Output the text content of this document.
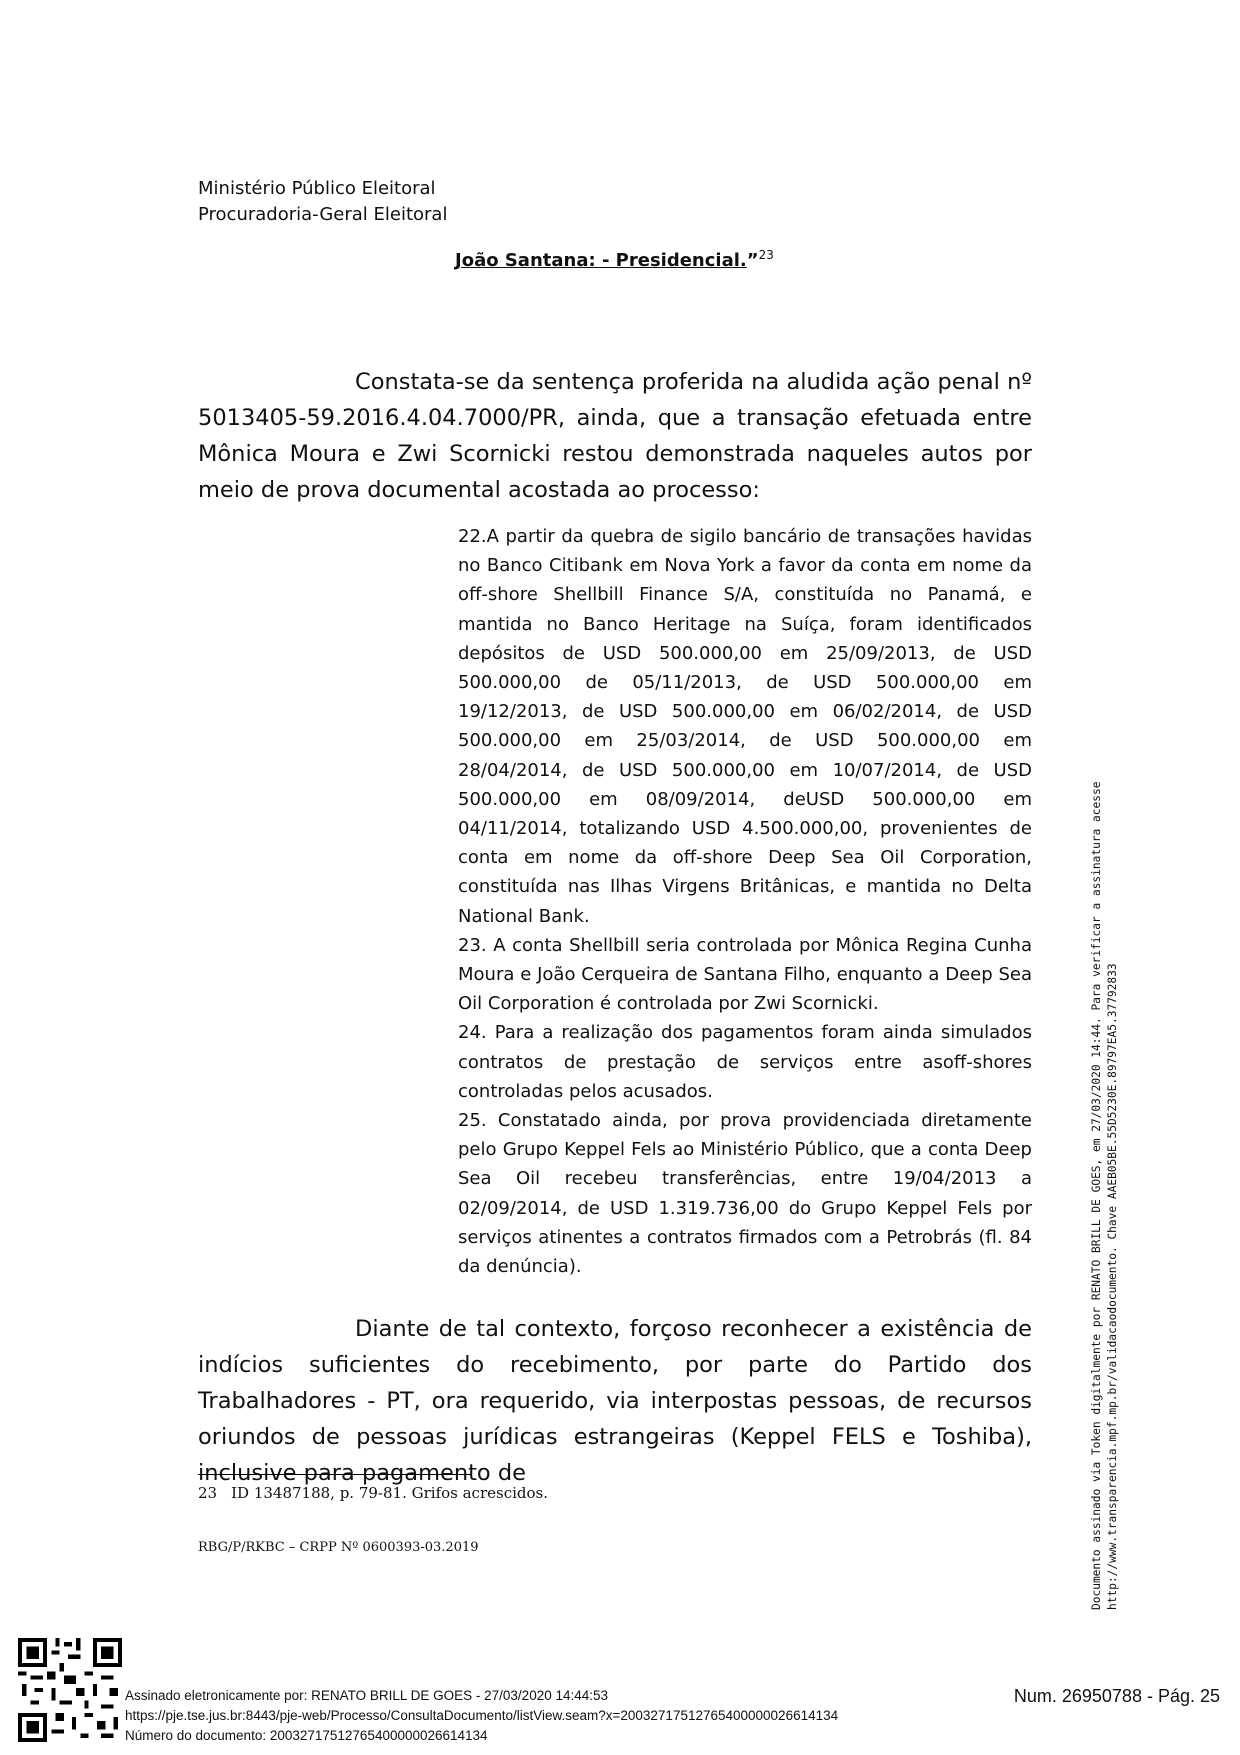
Ministério Público Eleitoral
Procuradoria-Geral Eleitoral
João Santana: - Presidencial.”$^{23}$

Constata-se da sentença proferida na aludida ação penal nº 5013405-59.2016.4.04.7000/PR, ainda, que a transação efetuada entre Mônica Moura e Zwi Scornicki restou demonstrada naqueles autos por meio de prova documental acostada ao processo:

22.A partir da quebra de sigilo bancário de transações havidas no Banco Citibank em Nova York a favor da conta em nome da off-shore Shellbill Finance S/A, constituída no Panamá, e mantida no Banco Heritage na Suíça, foram identificados depósitos de USD 500.000,00 em 25/09/2013, de USD 500.000,00 de 05/11/2013, de USD 500.000,00 em 19/12/2013, de USD 500.000,00 em 06/02/2014, de USD 500.000,00 em 25/03/2014, de USD 500.000,00 em 28/04/2014, de USD 500.000,00 em 10/07/2014, de USD 500.000,00 em 08/09/2014, deUSD 500.000,00 em 04/11/2014, totalizando USD 4.500.000,00, provenientes de conta em nome da off-shore Deep Sea Oil Corporation, constituída nas Ilhas Virgens Britânicas, e mantida no Delta National Bank.

23. A conta Shellbill seria controlada por Mônica Regina Cunha Moura e João Cerqueira de Santana Filho, enquanto a Deep Sea Oil Corporation é controlada por Zwi Scornicki.

24. Para a realização dos pagamentos foram ainda simulados contratos de prestação de serviços entre asoff-shores controladas pelos acusados.

25. Constatado ainda, por prova providenciada diretamente pelo Grupo Keppel Fels ao Ministério Público, que a conta Deep Sea Oil recebeu transferências, entre 19/04/2013 a 02/09/2014, de USD 1.319.736,00 do Grupo Keppel Fels por serviços atinentes a contratos firmados com a Petrobrás (fl. 84 da denúncia).

Diante de tal contexto, forçoso reconhecer a existência de indícios suficientes do recebimento, por parte do Partido dos Trabalhadores - PT, ora requerido, via interpostas pessoas, de recursos oriundos de pessoas jurídicas estrangeiras (Keppel FELS e Toshiba), inclusive para pagamento de

23 ID 13487188, p. 79-81. Grifos acrescidos.
RBG/P/RKBC – CRPP Nº 0600393-03.2019	Documento assinado via Token digitalmente por RENATO BRILL DE GOES, em 27/03/2020 14:44. Para verificar a assinatura acesse http://www.transparencia.mpf.mp.br/validacaodocumento. Chave AAEB05BE.55D5230E.89797EA5.37792833
Assinado eletronicamente por: RENATO BRILL DE GOES - 27/03/2020 14:44:53
https://pje.tse.jus.br:8443/pje-web/Processo/ConsultaDocumento/listView.seam?x=20032717512765400000026614134
Número do documento: 20032717512765400000026614134
Num. 26950788 - Pág. 25
